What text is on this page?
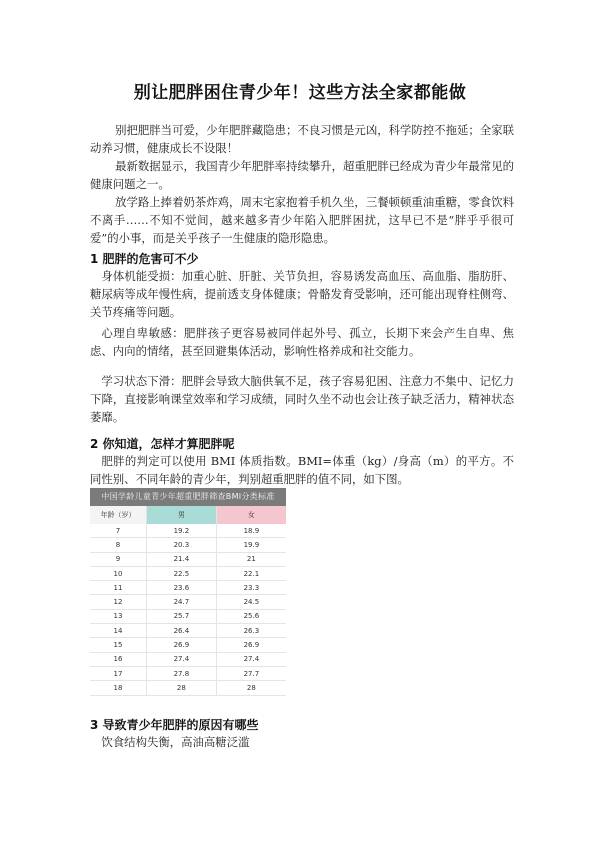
别让肥胖困住青少年！这些方法全家都能做

别把肥胖当可爱，少年肥胖藏隐患；不良习惯是元凶，科学防控不拖延；全家联动养习惯，健康成长不设限！

最新数据显示，我国青少年肥胖率持续攀升，超重肥胖已经成为青少年最常见的健康问题之一。

放学路上捧着奶茶炸鸡，周末宅家抱着手机久坐，三餐顿顿重油重糖，零食饮料不离手……不知不觉间，越来越多青少年陷入肥胖困扰，这早已不是“胖乎乎很可爱”的小事，而是关乎孩子一生健康的隐形隐患。

1 肥胖的危害可不少

身体机能受损：加重心脏、肝脏、关节负担，容易诱发高血压、高血脂、脂肪肝、糖尿病等成年慢性病，提前透支身体健康；骨骼发育受影响，还可能出现脊柱侧弯、关节疼痛等问题。

心理自卑敏感：肥胖孩子更容易被同伴起外号、孤立，长期下来会产生自卑、焦虑、内向的情绪，甚至回避集体活动，影响性格养成和社交能力。

学习状态下滑：肥胖会导致大脑供氧不足，孩子容易犯困、注意力不集中、记忆力下降，直接影响课堂效率和学习成绩，同时久坐不动也会让孩子缺乏活力，精神状态萎靡。

2 你知道，怎样才算肥胖呢

肥胖的判定可以使用 BMI 体质指数。BMI=体重（kg）/身高（m）的平方。不同性别、不同年龄的青少年，判别超重肥胖的值不同，如下图。

中国学龄儿童青少年超重肥胖筛查BMI分类标准
年龄（岁）	男	女
7	19.2	18.9
8	20.3	19.9
9	21.4	21
10	22.5	22.1
11	23.6	23.3
12	24.7	24.5
13	25.7	25.6
14	26.4	26.3
15	26.9	26.9
16	27.4	27.4
17	27.8	27.7
18	28	28
3 导致青少年肥胖的原因有哪些

饮食结构失衡，高油高糖泛滥
